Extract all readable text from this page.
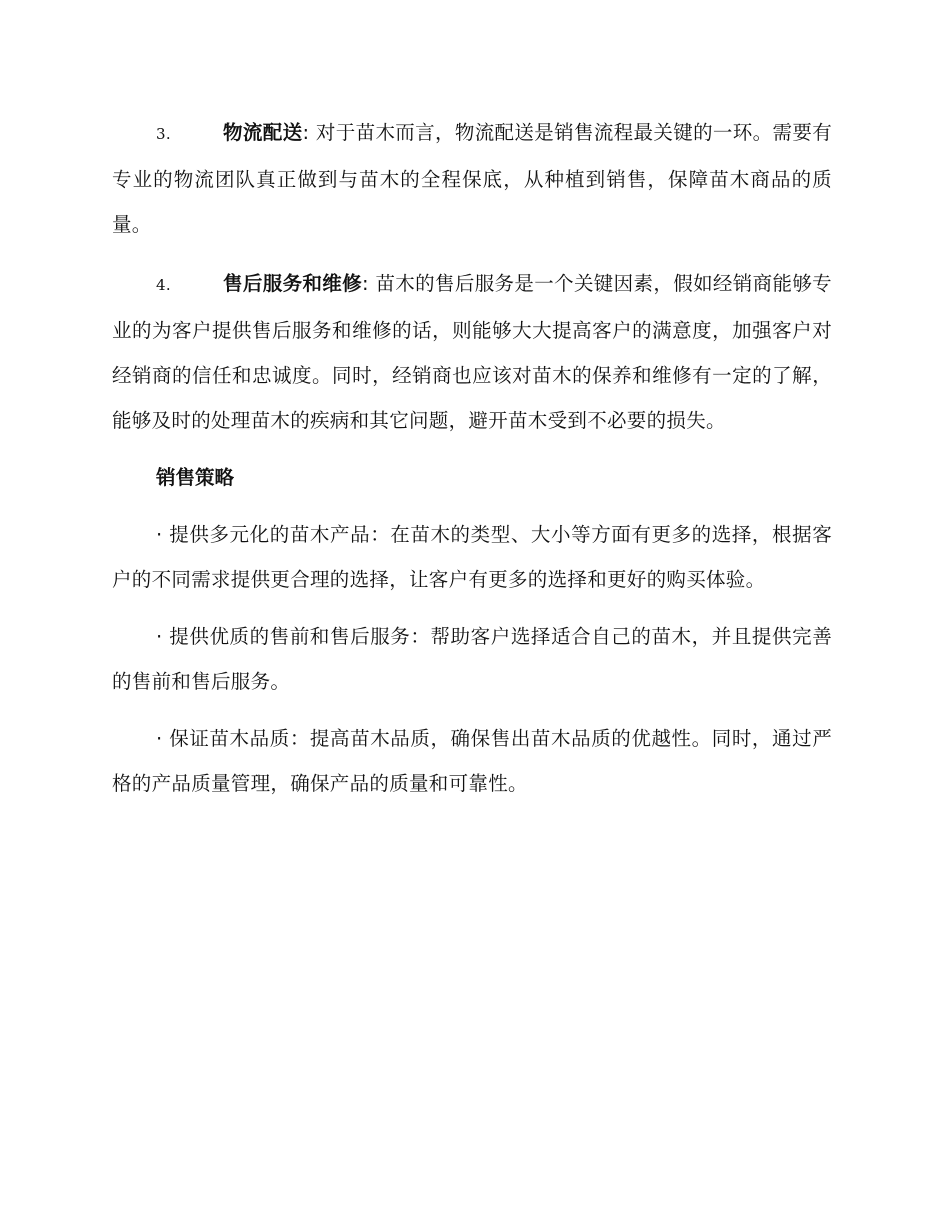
3.	物流配送: 对于苗木而言，物流配送是销售流程最关键的一环。需要有专业的物流团队真正做到与苗木的全程保底，从种植到销售，保障苗木商品的质量。

4.	售后服务和维修: 苗木的售后服务是一个关键因素，假如经销商能够专业的为客户提供售后服务和维修的话，则能够大大提高客户的满意度，加强客户对经销商的信任和忠诚度。同时，经销商也应该对苗木的保养和维修有一定的了解，能够及时的处理苗木的疾病和其它问题，避开苗木受到不必要的损失。

销售策略

· 提供多元化的苗木产品：在苗木的类型、大小等方面有更多的选择，根据客户的不同需求提供更合理的选择，让客户有更多的选择和更好的购买体验。

· 提供优质的售前和售后服务：帮助客户选择适合自己的苗木，并且提供完善的售前和售后服务。

· 保证苗木品质：提高苗木品质，确保售出苗木品质的优越性。同时，通过严格的产品质量管理，确保产品的质量和可靠性。
